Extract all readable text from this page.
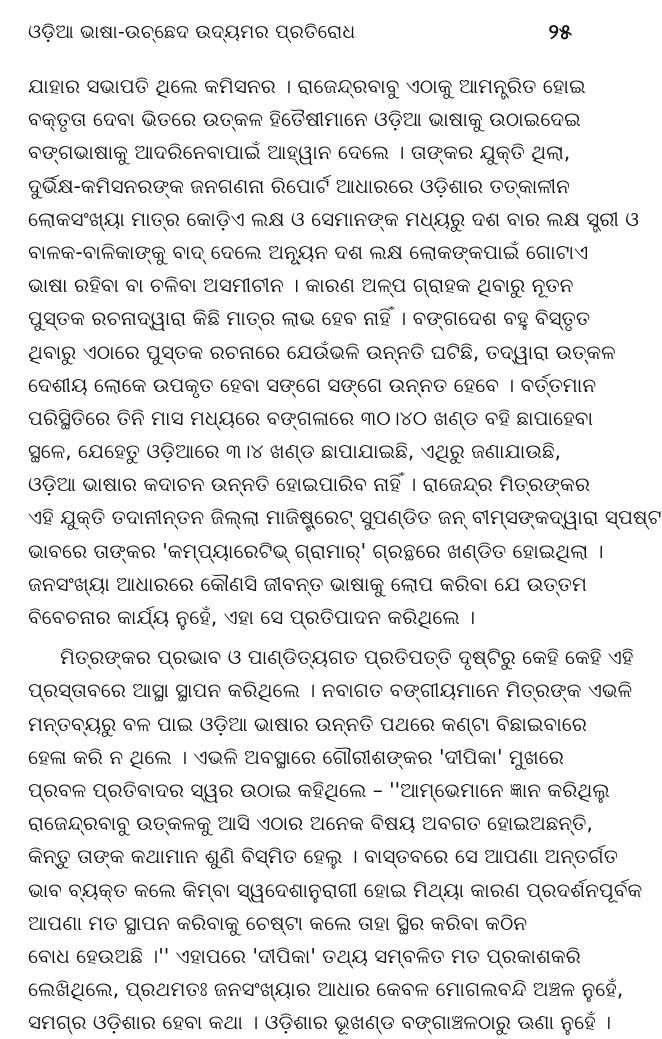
ଓଡ଼ିଆ ଭାଷା-ଉଚ୍ଛେଦ ଉଦ୍ୟମର ପ୍ରତିରୋଧ	୨୫
ଯାହାର ସଭାପତି ଥିଲେ କମିସନର । ରାଜେନ୍ଦ୍ରବାବୁ ଏଠାକୁ ଆମନ୍ତ୍ରିତ ହୋଇ
ବକ୍ତୃତା ଦେବା ଭିତରେ ଉତ୍କଳ ହିତୈଷୀମାନେ ଓଡ଼ିଆ ଭାଷାକୁ ଉଠାଇଦେଇ
ବଙ୍ଗଭାଷାକୁ ଆଦରିନେବାପାଇଁ ଆହ୍ୱାନ ଦେଲେ । ତାଙ୍କର ଯୁକ୍ତି ଥିଲା,
ଦୁର୍ଭିକ୍ଷ-କମିସନରଙ୍କ ଜନଗଣନା ରିପୋର୍ଟ ଆଧାରରେ ଓଡ଼ିଶାର ତତ୍କାଳୀନ
ଲୋକସଂଖ୍ୟା ମାତ୍ର କୋଡ଼ିଏ ଲକ୍ଷ ଓ ସେମାନଙ୍କ ମଧ୍ୟରୁ ଦଶ ବାର ଲକ୍ଷ ସ୍ତ୍ରୀ ଓ
ବାଳକ-ବାଳିକାଙ୍କୁ ବାଦ୍ ଦେଲେ ଅନ୍ୟୂନ ଦଶ ଲକ୍ଷ ଲୋକଙ୍କପାଇଁ ଗୋଟାଏ
ଭାଷା ରହିବା ବା ଚଳିବା ଅସମୀଚୀନ । କାରଣ ଅଳ୍ପ ଗ୍ରାହକ ଥିବାରୁ ନୂତନ
ପୁସ୍ତକ ରଚନାଦ୍ୱାରା କିଛି ମାତ୍ର ଲାଭ ହେବ ନାହିଁ । ବଙ୍ଗଦେଶ ବହୁ ବିସ୍ତୃତ
ଥିବାରୁ ଏଠାରେ ପୁସ୍ତକ ରଚନାରେ ଯେଉଁଭଳି ଉନ୍ନତି ଘଟିଛି, ତଦ୍ୱାରା ଉତ୍କଳ
ଦେଶୀୟ ଲୋକେ ଉପକୃତ ହେବା ସଙ୍ଗେ ସଙ୍ଗେ ଉନ୍ନତ ହେବେ । ବର୍ତ୍ତମାନ
ପରିସ୍ଥିତିରେ ତିନି ମାସ ମଧ୍ୟରେ ବଙ୍ଗଳାରେ ୩୦।୪୦ ଖଣ୍ଡ ବହି ଛାପାହେବା
ସ୍ଥଳେ, ଯେହେତୁ ଓଡ଼ିଆରେ ୩।୪ ଖଣ୍ଡ ଛାପାଯାଇଛି, ଏଥିରୁ ଜଣାଯାଉଛି,
ଓଡ଼ିଆ ଭାଷାର କଦାଚନ ଉନ୍ନତି ହୋଇପାରିବ ନାହିଁ । ରାଜେନ୍ଦ୍ର ମିତ୍ରଙ୍କର
ଏହି ଯୁକ୍ତି ତଦାନୀନ୍ତନ ଜିଲ୍ଲା ମାଜିଷ୍ଟ୍ରେଟ୍ ସୁପଣ୍ଡିତ ଜନ୍ ବୀମ୍‌ସଙ୍କଦ୍ୱାରା ସ୍ପଷ୍ଟ
ଭାବରେ ତାଙ୍କର 'କମ୍ପ୍ୟାରେଟିଭ୍ ଗ୍ରାମାର୍' ଗ୍ରନ୍ଥରେ ଖଣ୍ଡିତ ହୋଇଥିଲା ।
ଜନସଂଖ୍ୟା ଆଧାରରେ କୌଣସି ଜୀବନ୍ତ ଭାଷାକୁ ଲୋପ କରିବା ଯେ ଉତ୍ତମ
ବିବେଚନାର କାର୍ଯ୍ୟ ନୁହେଁ, ଏହା ସେ ପ୍ରତିପାଦନ କରିଥିଲେ ।
ମିତ୍ରଙ୍କର ପ୍ରଭାବ ଓ ପାଣ୍ଡିତ୍ୟଗତ ପ୍ରତିପତ୍ତି ଦୃଷ୍ଟିରୁ କେହି କେହି ଏହି
ପ୍ରସ୍ତାବରେ ଆସ୍ଥା ସ୍ଥାପନ କରିଥିଲେ । ନବାଗତ ବଙ୍ଗୀୟମାନେ ମିତ୍ରଙ୍କ ଏଭଳି
ମନ୍ତବ୍ୟରୁ ବଳ ପାଇ ଓଡ଼ିଆ ଭାଷାର ଉନ୍ନତି ପଥରେ କଣ୍ଟା ବିଛାଇବାରେ
ହେଳା କରି ନ ଥିଲେ । ଏଭଳି ଅବସ୍ଥାରେ ଗୌରୀଶଙ୍କର 'ଦୀପିକା' ମୁଖରେ
ପ୍ରବଳ ପ୍ରତିବାଦର ସ୍ୱର ଉଠାଇ କହିଥିଲେ – ''ଆମ୍ଭେମାନେ ଜ୍ଞାନ କରିଥିଲୁ
ରାଜେନ୍ଦ୍ରବାବୁ ଉତ୍କଳକୁ ଆସି ଏଠାର ଅନେକ ବିଷୟ ଅବଗତ ହୋଇଅଛନ୍ତି,
କିନ୍ତୁ ତାଙ୍କ କଥାମାନ ଶୁଣି ବିସ୍ମିତ ହେଲୁ । ବାସ୍ତବରେ ସେ ଆପଣା ଅନ୍ତର୍ଗତ
ଭାବ ବ୍ୟକ୍ତ କଲେ କିମ୍ବା ସ୍ୱଦେଶାନୁରାଗୀ ହୋଇ ମିଥ୍ୟା କାରଣ ପ୍ରଦର୍ଶନପୂର୍ବକ
ଆପଣା ମତ ସ୍ଥାପନ କରିବାକୁ ଚେଷ୍ଟା କଲେ ତାହା ସ୍ଥିର କରିବା କଠିନ
ବୋଧ ହେଉଅଛି ।'' ଏହାପରେ 'ଦୀପିକା' ତଥ୍ୟ ସମ୍ବଳିତ ମତ ପ୍ରକାଶକରି
ଲେଖିଥିଲେ, ପ୍ରଥମତଃ ଜନସଂଖ୍ୟାର ଆଧାର କେବଳ ମୋଗଲବନ୍ଦି ଅଞ୍ଚଳ ନୁହେଁ,
ସମଗ୍ର ଓଡ଼ିଶାର ହେବା କଥା । ଓଡ଼ିଶାର ଭୂଖଣ୍ଡ ବଙ୍ଗାଞ୍ଚଳଠାରୁ ଊଣା ନୁହେଁ ।
